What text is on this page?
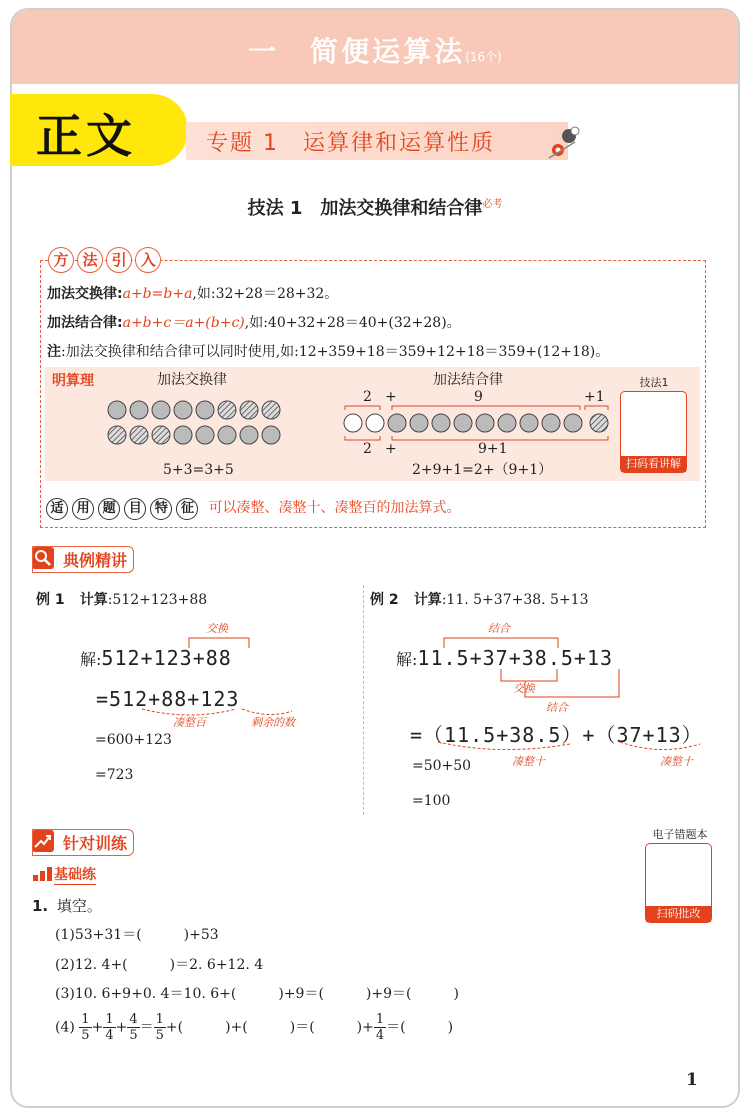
一　简便运算法(16个)
正文	专题 1　运算律和运算性质
技法 1　加法交换律和结合律$^{必考}$
方 法 引 入
加法交换律:a+b=b+a,如:32+28＝28+32。
加法结合律:a+b+c＝a+(b+c),如:40+32+28＝40+(32+28)。
注:加法交换律和结合律可以同时使用,如:12+359+18＝359+12+18＝359+(12+18)。
明算理	加法交换律
5+3=3+5
加法结合律
2 +	9	+1
2 +	9+1
2+9+1=2+（9+1）
技法1
扫码看讲解
适 用 题 目 特 征 可以凑整、凑整十、凑整百的加法算式。
典例精讲
例 1 计算:512+123+88
交换
解:512+123+88
=512+88+123
凑整百	剩余的数
=600+123
=723
例 2 计算:11. 5+37+38. 5+13
结合
解:11.5+37+38.5+13
交换
结合
=（11.5+38.5）+（37+13）
凑整十	凑整十
=50+50
=100
针对训练
基础练
电子错题本
扫码批改
1. 填空。
(1)53+31＝(　　　)+53
(2)12. 4+(　　　)＝2. 6+12. 4
(3)10. 6+9+0. 4＝10. 6+(　　　)+9＝(　　　)+9＝(　　　)
$(4) \frac{1}{5} + \frac{1}{4} + \frac{4}{5} = \frac{1}{5}$ +(　　　)+(　　　)＝(　　　)+ $\frac{1}{4}$ ＝(　　　)
1
